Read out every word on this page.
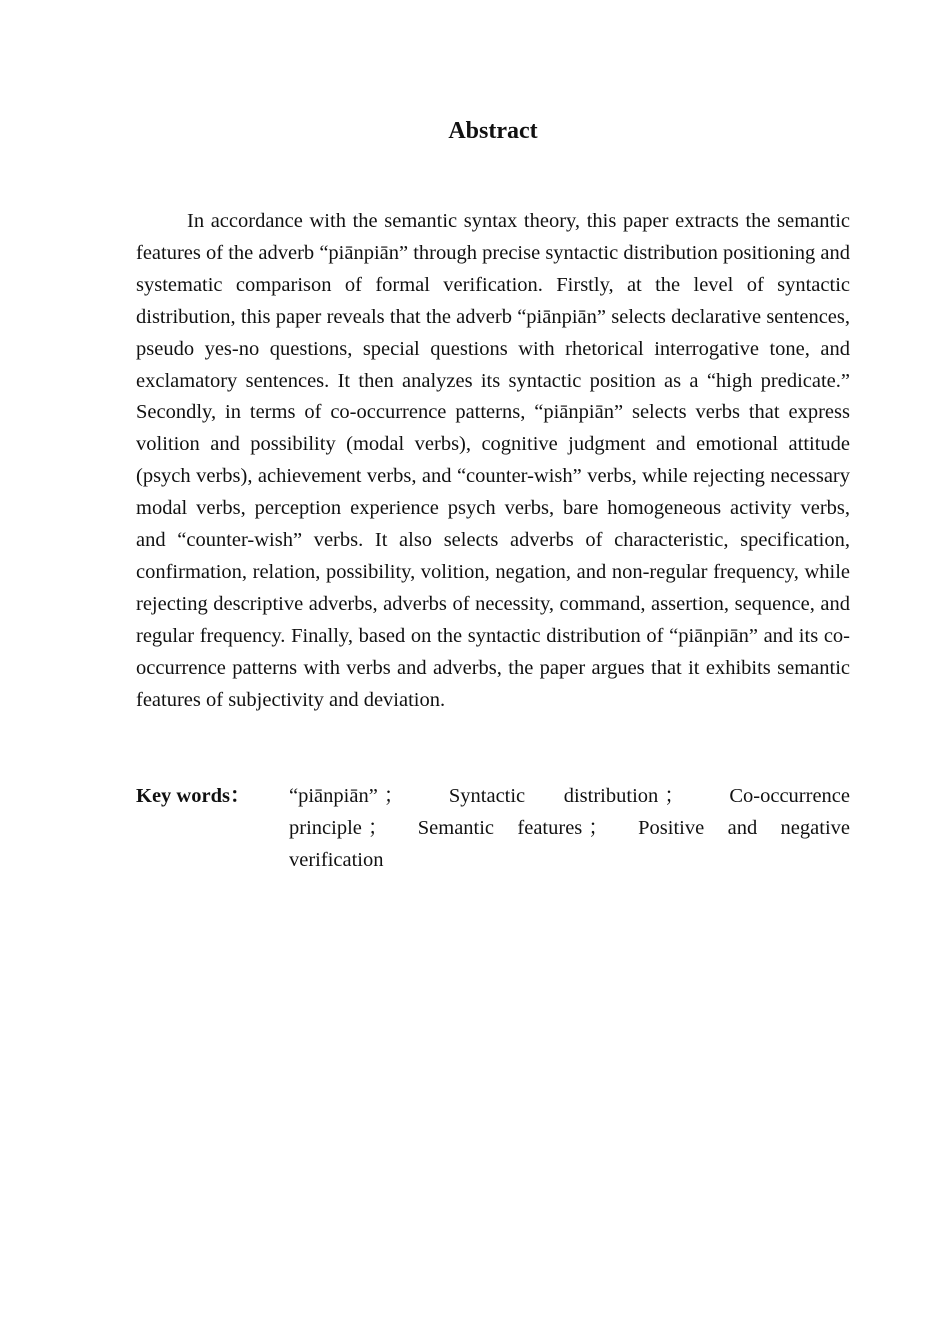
Abstract

In accordance with the semantic syntax theory, this paper extracts the semantic features of the adverb “piānpiān” through precise syntactic distribution positioning and systematic comparison of formal verification. Firstly, at the level of syntactic distribution, this paper reveals that the adverb “piānpiān” selects declarative sentences, pseudo yes-no questions, special questions with rhetorical interrogative tone, and exclamatory sentences. It then analyzes its syntactic position as a “high predicate.” Secondly, in terms of co-occurrence patterns, “piānpiān” selects verbs that express volition and possibility (modal verbs), cognitive judgment and emotional attitude (psych verbs), achievement verbs, and “counter-wish” verbs, while rejecting necessary modal verbs, perception experience psych verbs, bare homogeneous activity verbs, and “counter-wish” verbs. It also selects adverbs of characteristic, specification, confirmation, relation, possibility, volition, negation, and non-regular frequency, while rejecting descriptive adverbs, adverbs of necessity, command, assertion, sequence, and regular frequency. Finally, based on the syntactic distribution of “piānpiān” and its co-occurrence patterns with verbs and adverbs, the paper argues that it exhibits semantic features of subjectivity and deviation.

Key words：	“piānpiān” ； Syntactic distribution ； Co-occurrence principle ； Semantic features ； Positive and negative verification
